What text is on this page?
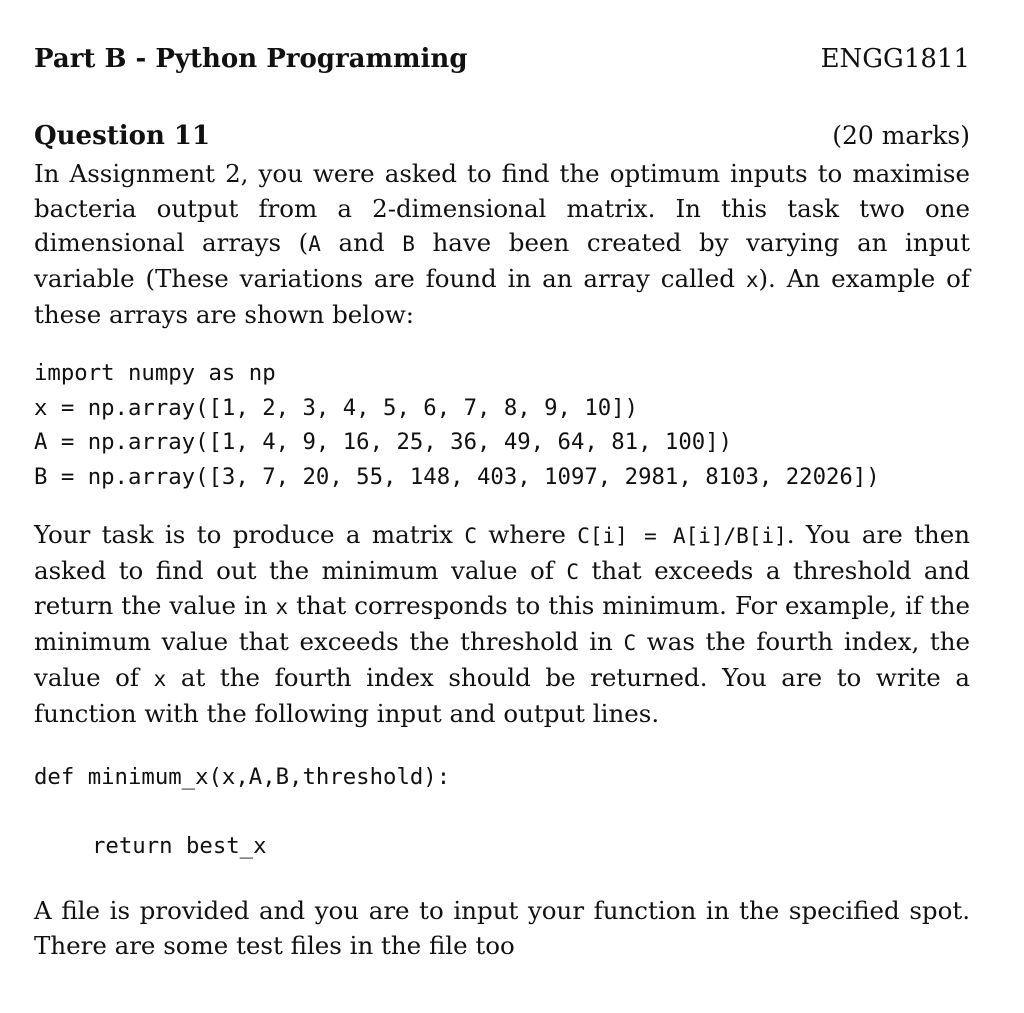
Part B - Python Programming	ENGG1811
Question 11	(20 marks)

In Assignment 2, you were asked to find the optimum inputs to maximise bacteria output from a 2-dimensional matrix. In this task two one dimensional arrays (A and B have been created by varying an input variable (These variations are found in an array called x). An example of these arrays are shown below:

import numpy as np
x = np.array([1, 2, 3, 4, 5, 6, 7, 8, 9, 10])
A = np.array([1, 4, 9, 16, 25, 36, 49, 64, 81, 100])
B = np.array([3, 7, 20, 55, 148, 403, 1097, 2981, 8103, 22026])

Your task is to produce a matrix C where C[i] = A[i]/B[i]. You are then asked to find out the minimum value of C that exceeds a threshold and return the value in x that corresponds to this minimum. For example, if the minimum value that exceeds the threshold in C was the fourth index, the value of x at the fourth index should be returned. You are to write a function with the following input and output lines.

def minimum_x(x,A,B,threshold):
return best_x

A file is provided and you are to input your function in the specified spot. There are some test files in the file too
